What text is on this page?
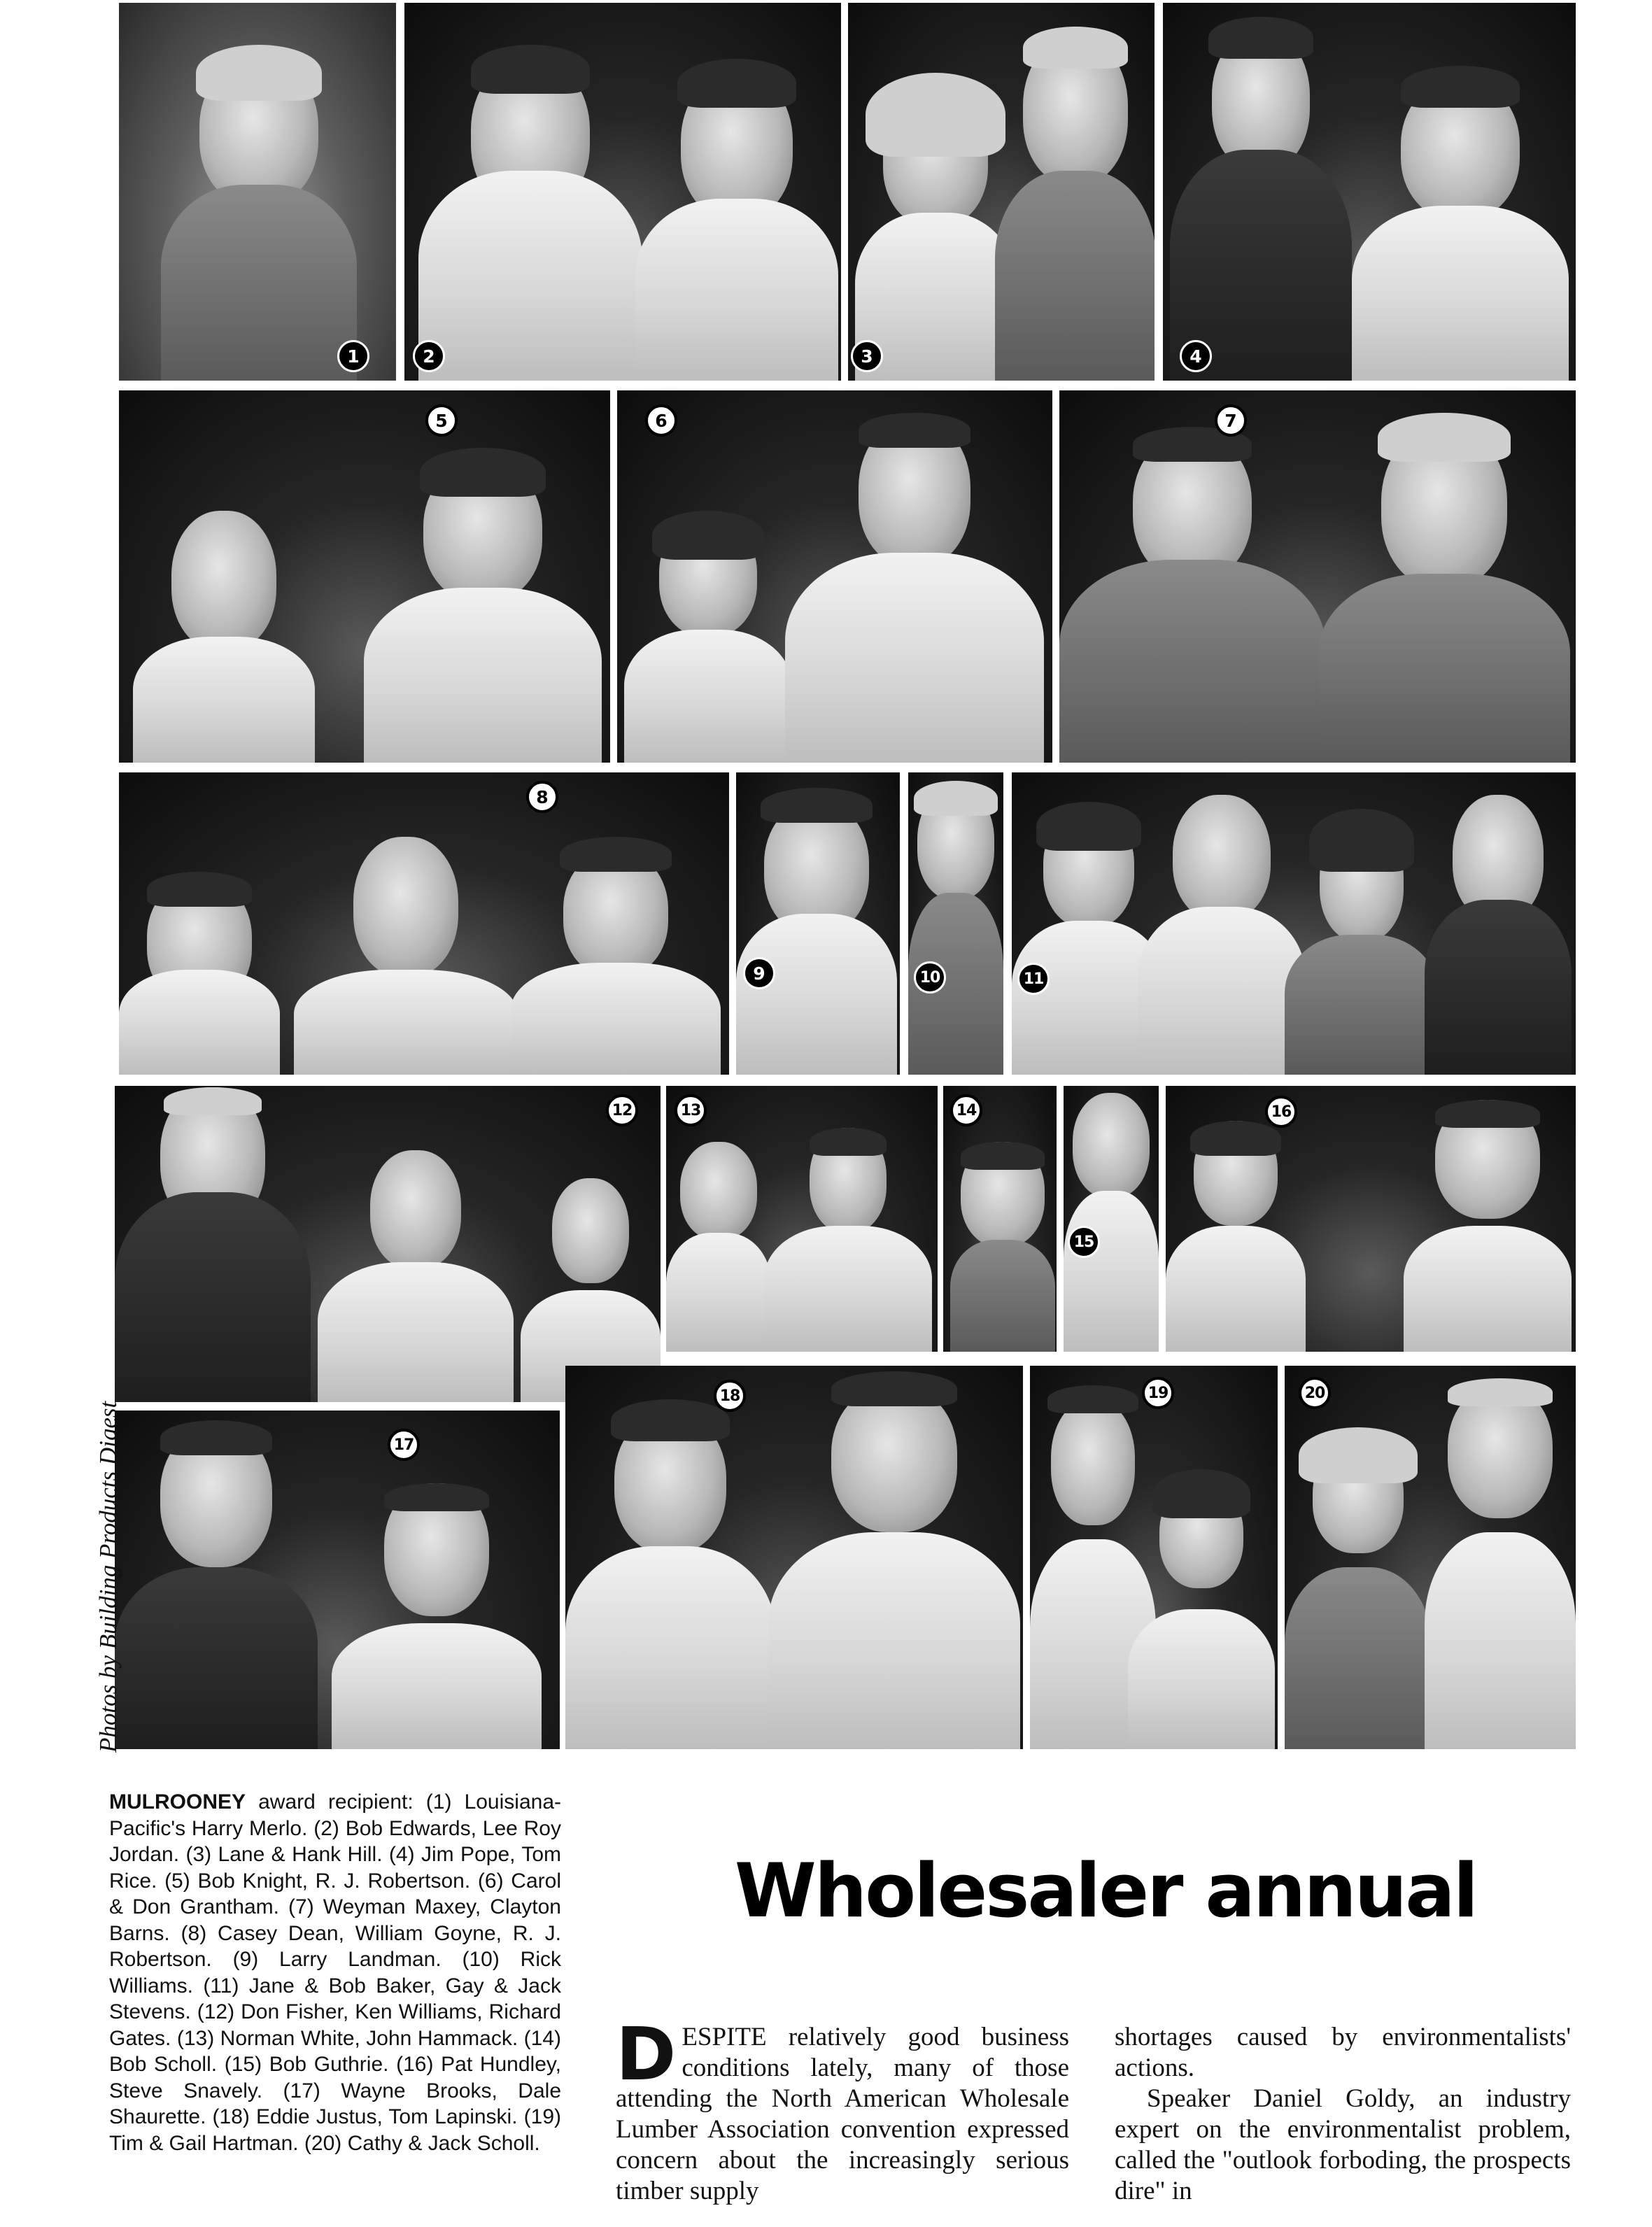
1	2	3	4
5	6	7
8
9	10	11
12	13	14
15
16
17
18	19	20
Photos by Building Products Digest
MULROONEY award recipient: (1) Louisiana-Pacific's Harry Merlo. (2) Bob Edwards, Lee Roy Jordan. (3) Lane & Hank Hill. (4) Jim Pope, Tom Rice. (5) Bob Knight, R. J. Robertson. (6) Carol & Don Grantham. (7) Weyman Maxey, Clayton Barns. (8) Casey Dean, William Goyne, R. J. Robertson. (9) Larry Landman. (10) Rick Williams. (11) Jane & Bob Baker, Gay & Jack Stevens. (12) Don Fisher, Ken Williams, Richard Gates. (13) Norman White, John Hammack. (14) Bob Scholl. (15) Bob Guthrie. (16) Pat Hundley, Steve Snavely. (17) Wayne Brooks, Dale Shaurette. (18) Eddie Justus, Tom Lapinski. (19) Tim & Gail Hartman. (20) Cathy & Jack Scholl.
Wholesaler annual

DESPITE relatively good business conditions lately, many of those attending the North American Wholesale Lumber Association convention expressed concern about the increasingly serious timber supply

shortages caused by environmentalists' actions.

Speaker Daniel Goldy, an industry expert on the environmentalist problem, called the "outlook forboding, the prospects dire" in
